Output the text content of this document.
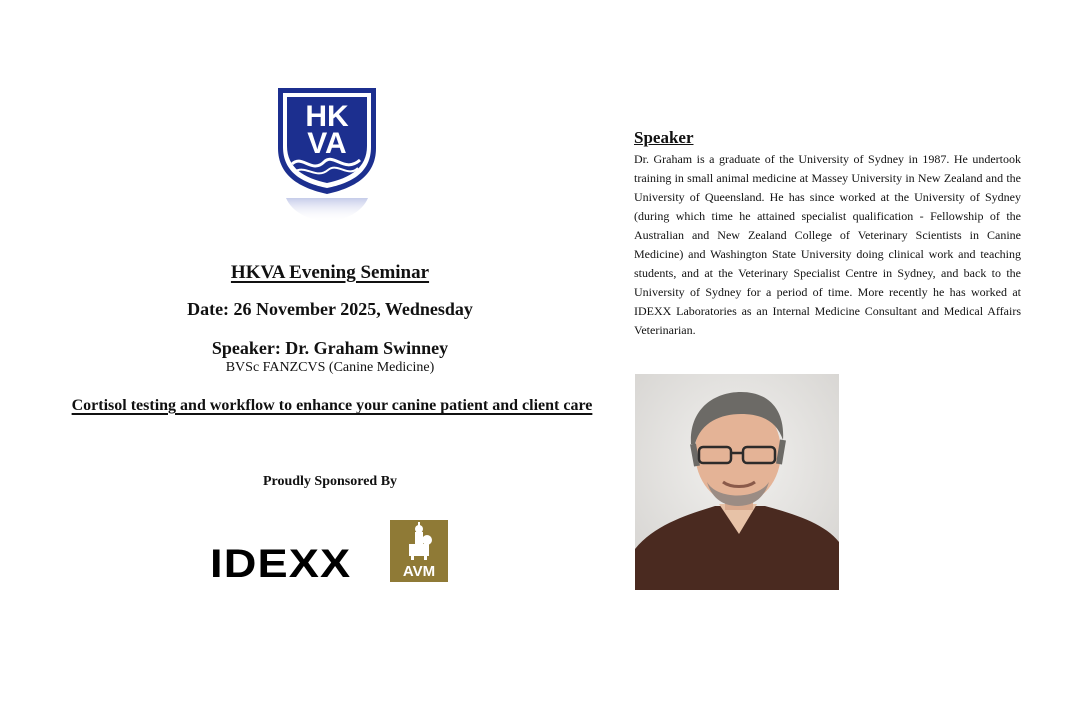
HK
VA
HKVA Evening Seminar
Date: 26 November 2025, Wednesday
Speaker: Dr. Graham Swinney
BVSc FANZCVS (Canine Medicine)
Cortisol testing and workflow to enhance your canine patient and client care
Proudly Sponsored By
IDEXX	AVM
Speaker
Dr. Graham is a graduate of the University of Sydney in 1987. He undertook training in small animal medicine at Massey University in New Zealand and the University of Queensland. He has since worked at the University of Sydney (during which time he attained specialist qualification - Fellowship of the Australian and New Zealand College of Veterinary Scientists in Canine Medicine) and Washington State University doing clinical work and teaching students, and at the Veterinary Specialist Centre in Sydney, and back to the University of Sydney for a period of time. More recently he has worked at IDEXX Laboratories as an Internal Medicine Consultant and Medical Affairs Veterinarian.
